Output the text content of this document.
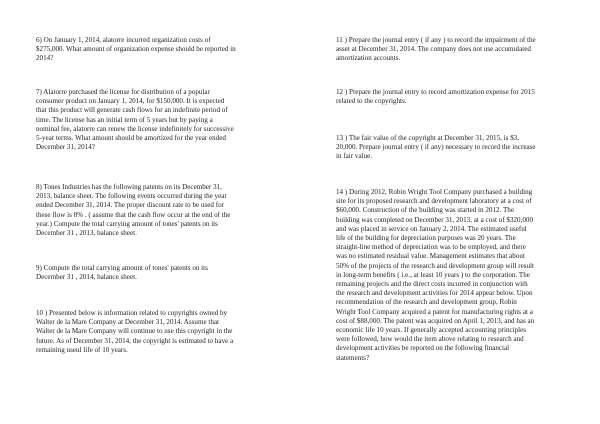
6) On January 1, 2014, alatorre incurred organization costs of
$275,000. What amount of organization expense should be reported in
2014?

7) Alatorre purchased the license for distribution of a popular
consumer product on January 1, 2014, for $150,000. It is expected
that this product will generate cash flows for an indefinite period of
time. The license has an initial term of 5 years but by paying a
nominal fee, alatorre can renew the license indefinitely for successive
5-year terms. What amount should be amortized for the year ended
December 31, 2014?

8) Tones Industries has the following patents on its December 31,
2013, balance sheet. The following events occurred during the year
ended December 31, 2014. The proper discount rate to be used for
these flow is 8% . ( assume that the cash flow occur at the end of the
year.) Compute the total carrying amount of tones' patents on its
December 31 , 2013, balance sheet.

9) Compute the total carrying amount of tones' patents on its
December 31 , 2014, balance sheet.

10 ) Presented below is information related to copyrights owned by
Walter de la Mare Company at December 31, 2014. Assume that
Walter de la Mare Company will continue to use this copyright in the
future. As of December 31, 2014, the copyright is estimated to have a
remaining useul life of 10 years.

11 ) Prepare the journal entry ( if any ) to record the impairment of the
asset at December 31, 2014. The company does not use accumulated
amortization accounts.

12 ) Prepare the journal entry to record amortization expense for 2015
related to the copyrights.

13 ) The fair value of the copyright at December 31, 2015, is $3,
20,000. Prepare journal entry ( if any) necessary to record the increase
in fair value.

14 ) During 2012, Robin Wright Tool Company purchased a building
site for its proposed research and development laboratory at a cost of
$60,000. Construction of the building was started in 2012. The
building was completed on December 31, 2013, at a cost of $320,000
and was placed in service on January 2, 2014. The estimated useful
life of the building for depreciation purposes was 20 years. The
straight-line method of depreciation was to be employed, and there
was no estimated residual value. Management estimates that about
50% of the projects of the research and development group will result
in long-term benefits ( i.e., at least 10 years ) to the corporation. The
remaining projects and the direct costs incurred in conjunction with
the research and development activities for 2014 appear below. Upon
recommendation of the research and development group, Robin
Wright Tool Company acquired a patent for manufacturing rights at a
cost of $88,000. The patent was acquired on April 1, 2013, and has an
economic life 10 years. If generally accepted accounting principles
were followed, how would the item above relating to research and
development activities be reported on the following financial
statements?
